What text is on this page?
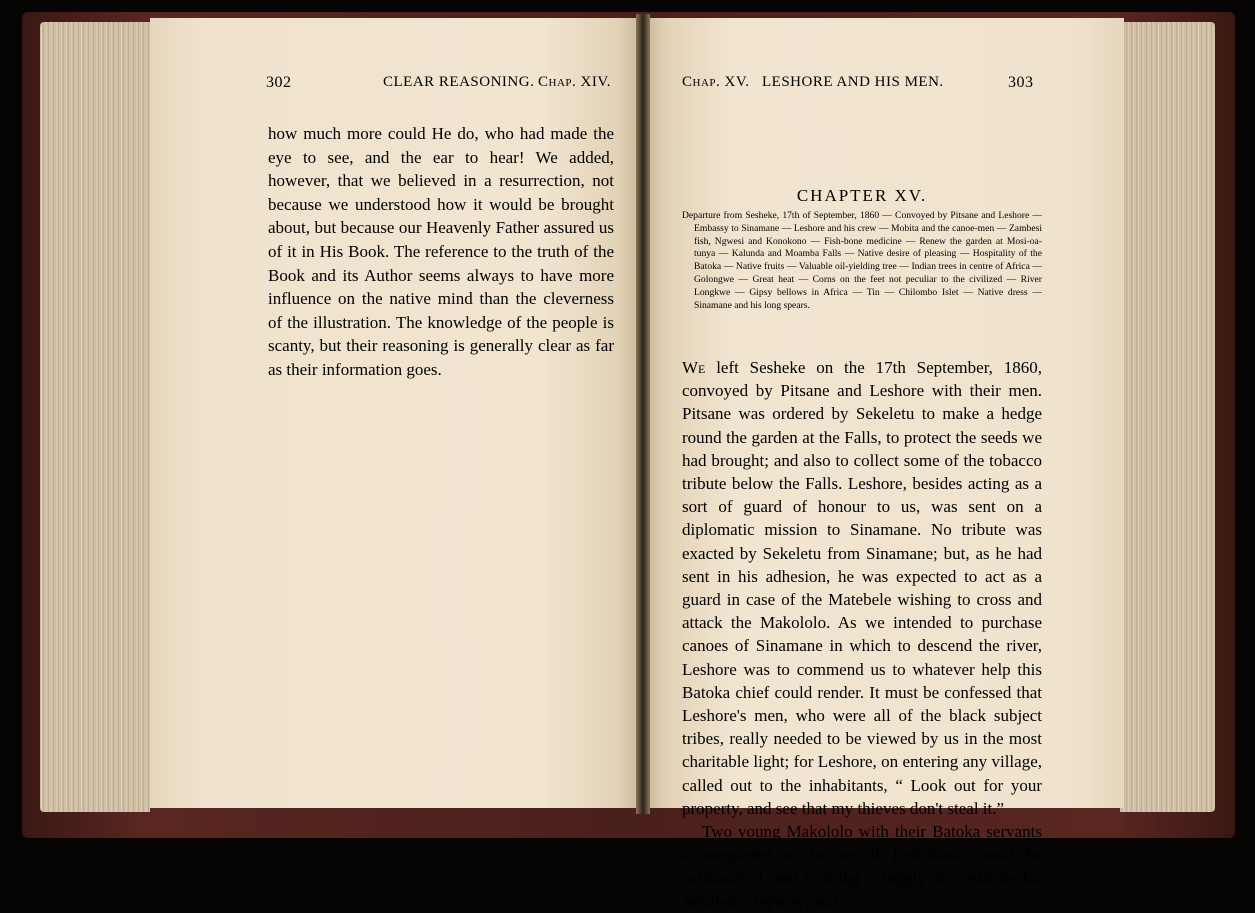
302	CLEAR REASONING. Chap. XIV.

how much more could He do, who had made the eye to see, and the ear to hear! We added, however, that we believed in a resurrection, not because we understood how it would be brought about, but because our Heavenly Father assured us of it in His Book. The reference to the truth of the Book and its Author seems always to have more influence on the native mind than the cleverness of the illustration. The knowledge of the people is scanty, but their reasoning is generally clear as far as their information goes.

Chap. XV. LESHORE AND HIS MEN.	303
CHAPTER XV.

Departure from Sesheke, 17th of September, 1860 — Convoyed by Pitsane and Leshore — Embassy to Sinamane — Leshore and his crew — Mobita and the canoe-men — Zambesi fish, Ngwesi and Konokono — Fish-bone medicine — Renew the garden at Mosi-oa-tunya — Kalunda and Moamba Falls — Native desire of pleasing — Hospitality of the Batoka — Native fruits — Valuable oil-yielding tree — Indian trees in centre of Africa — Golongwe — Great heat — Corns on the feet not peculiar to the civilized — River Longkwe — Gipsy bellows in Africa — Tin — Chilombo Islet — Native dress — Sinamane and his long spears.

We left Sesheke on the 17th September, 1860, convoyed by Pitsane and Leshore with their men. Pitsane was ordered by Sekeletu to make a hedge round the garden at the Falls, to protect the seeds we had brought; and also to collect some of the tobacco tribute below the Falls. Leshore, besides acting as a sort of guard of honour to us, was sent on a diplomatic mission to Sinamane. No tribute was exacted by Sekeletu from Sinamane; but, as he had sent in his adhesion, he was expected to act as a guard in case of the Matebele wishing to cross and attack the Makololo. As we intended to purchase canoes of Sinamane in which to descend the river, Leshore was to commend us to whatever help this Batoka chief could render. It must be confessed that Leshore's men, who were all of the black subject tribes, really needed to be viewed by us in the most charitable light; for Leshore, on entering any village, called out to the inhabitants, “ Look out for your property, and see that my thieves don't steal it.”

Two young Makololo with their Batoka servants accompanied us to see if Kebrabasa could be surmounted, and to bring a supply of medicine for Sekeletu's leprosy; and
